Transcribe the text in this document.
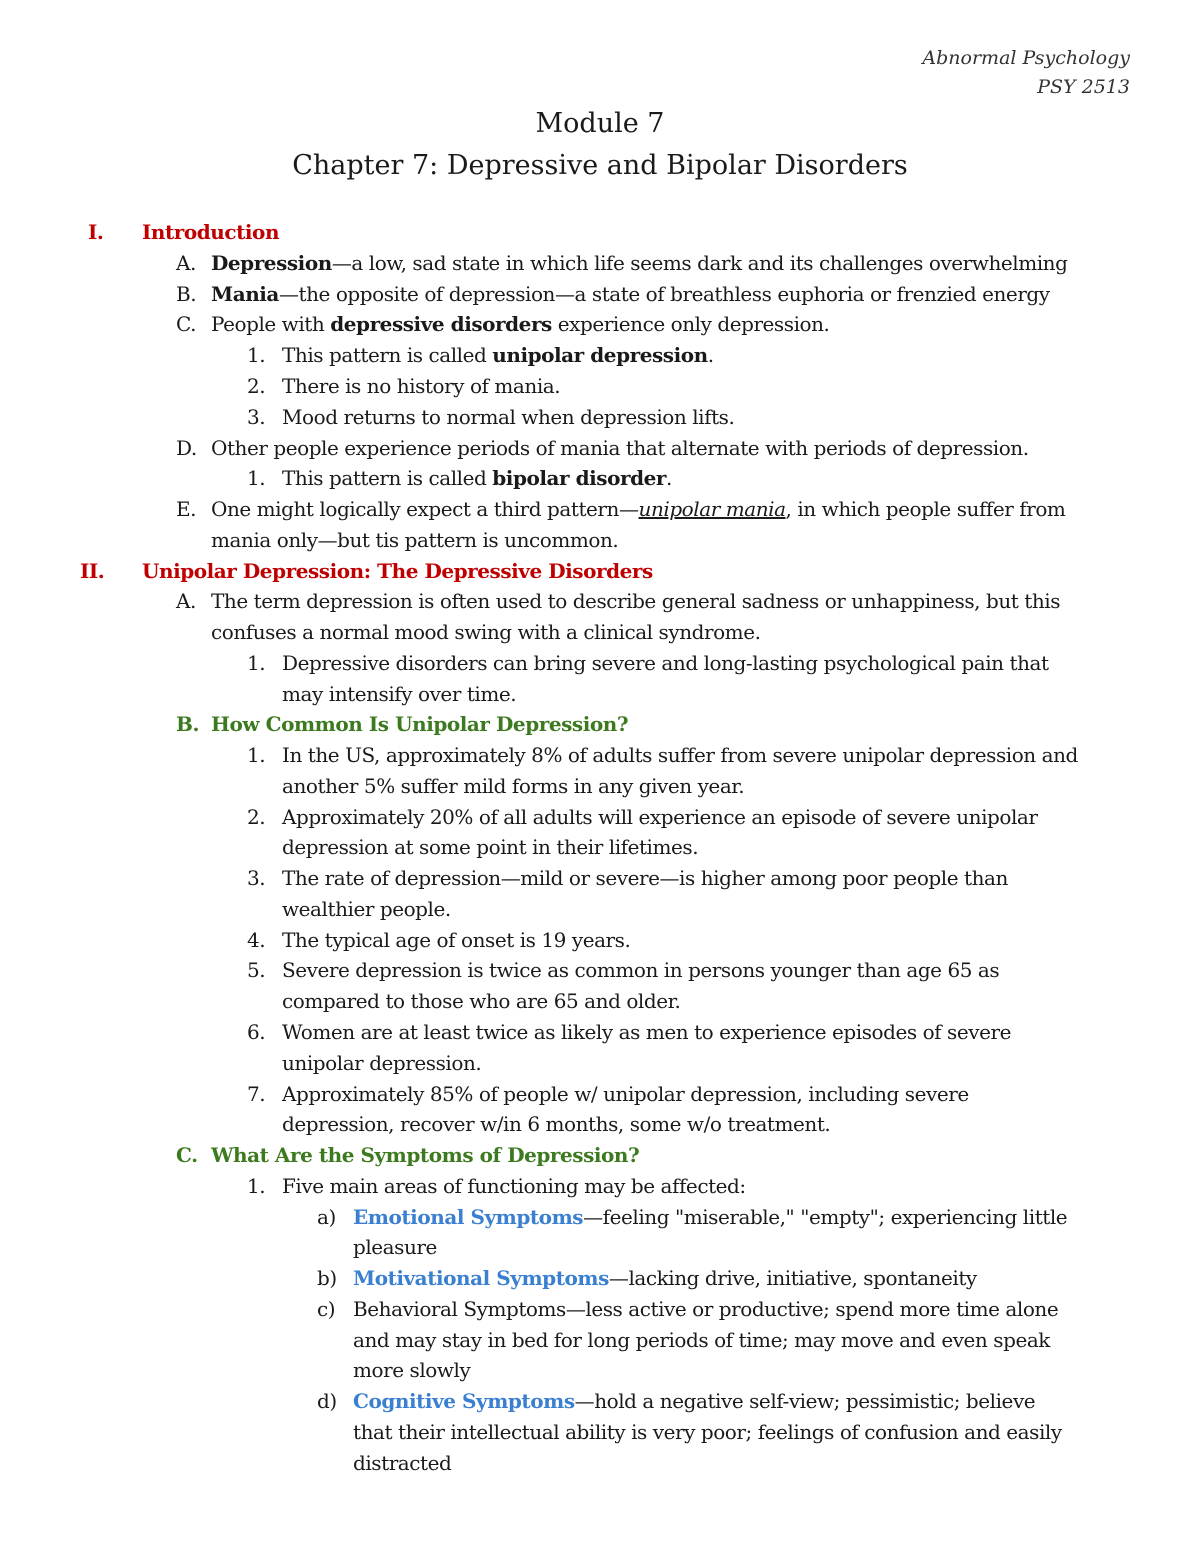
Abnormal Psychology
PSY 2513
Module 7
Chapter 7: Depressive and Bipolar Disorders
I. Introduction
A. Depression—a low, sad state in which life seems dark and its challenges overwhelming
B. Mania—the opposite of depression—a state of breathless euphoria or frenzied energy
C. People with depressive disorders experience only depression.
1. This pattern is called unipolar depression.
2. There is no history of mania.
3. Mood returns to normal when depression lifts.
D. Other people experience periods of mania that alternate with periods of depression.
1. This pattern is called bipolar disorder.
E. One might logically expect a third pattern—unipolar mania, in which people suffer from
mania only—but tis pattern is uncommon.
II. Unipolar Depression: The Depressive Disorders
A. The term depression is often used to describe general sadness or unhappiness, but this
confuses a normal mood swing with a clinical syndrome.
1. Depressive disorders can bring severe and long-lasting psychological pain that
may intensify over time.
B. How Common Is Unipolar Depression?
1. In the US, approximately 8% of adults suffer from severe unipolar depression and
another 5% suffer mild forms in any given year.
2. Approximately 20% of all adults will experience an episode of severe unipolar
depression at some point in their lifetimes.
3. The rate of depression—mild or severe—is higher among poor people than
wealthier people.
4. The typical age of onset is 19 years.
5. Severe depression is twice as common in persons younger than age 65 as
compared to those who are 65 and older.
6. Women are at least twice as likely as men to experience episodes of severe
unipolar depression.
7. Approximately 85% of people w/ unipolar depression, including severe
depression, recover w/in 6 months, some w/o treatment.
C. What Are the Symptoms of Depression?
1. Five main areas of functioning may be affected:
a) Emotional Symptoms—feeling "miserable," "empty"; experiencing little
pleasure
b) Motivational Symptoms—lacking drive, initiative, spontaneity
c) Behavioral Symptoms—less active or productive; spend more time alone
and may stay in bed for long periods of time; may move and even speak
more slowly
d) Cognitive Symptoms—hold a negative self-view; pessimistic; believe
that their intellectual ability is very poor; feelings of confusion and easily
distracted
